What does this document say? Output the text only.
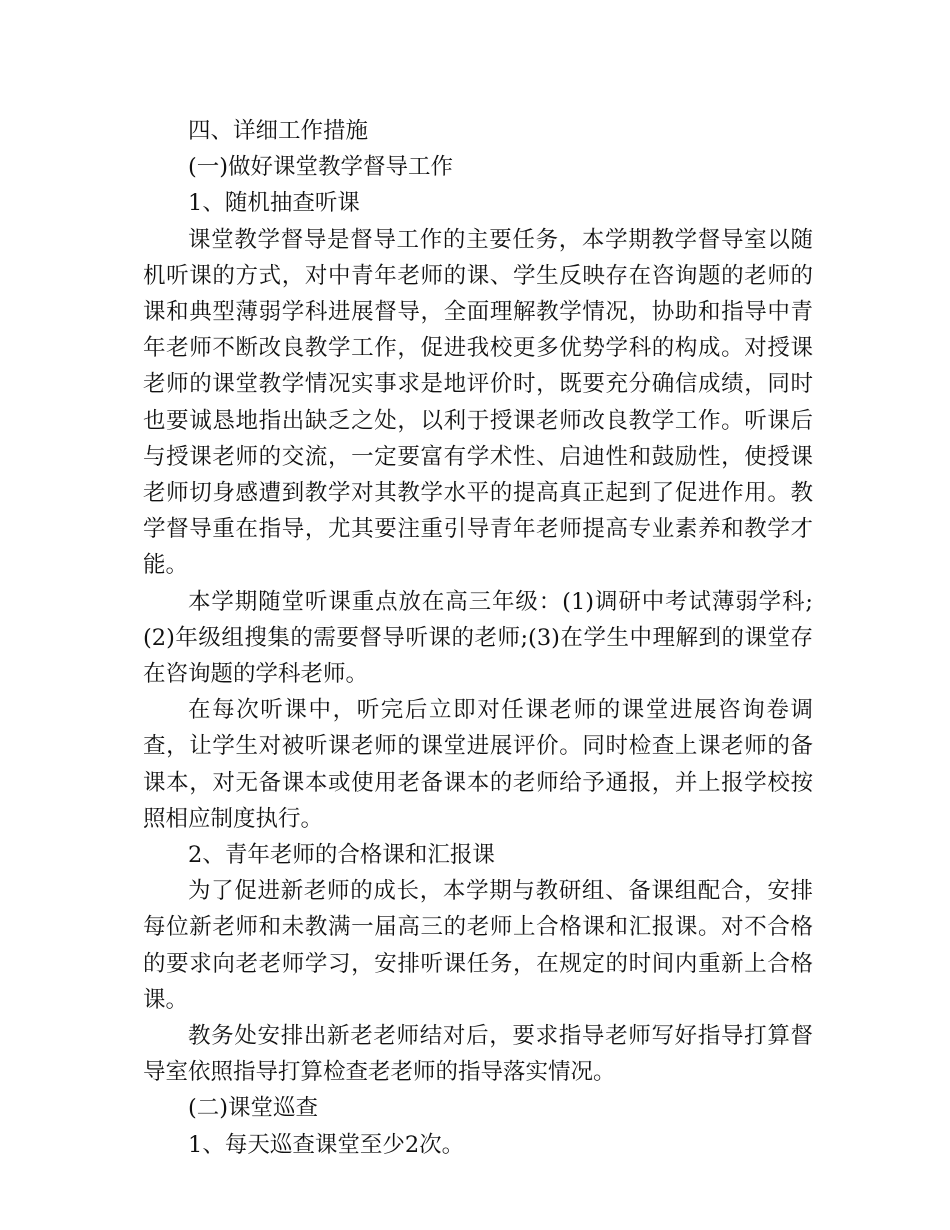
四、详细工作措施

(一)做好课堂教学督导工作

1、随机抽查听课

课堂教学督导是督导工作的主要任务，本学期教学督导室以随机听课的方式，对中青年老师的课、学生反映存在咨询题的老师的课和典型薄弱学科进展督导，全面理解教学情况，协助和指导中青年老师不断改良教学工作，促进我校更多优势学科的构成。对授课老师的课堂教学情况实事求是地评价时，既要充分确信成绩，同时也要诚恳地指出缺乏之处，以利于授课老师改良教学工作。听课后与授课老师的交流，一定要富有学术性、启迪性和鼓励性，使授课老师切身感遭到教学对其教学水平的提高真正起到了促进作用。教学督导重在指导，尤其要注重引导青年老师提高专业素养和教学才能。

本学期随堂听课重点放在高三年级：(1)调研中考试薄弱学科;(2)年级组搜集的需要督导听课的老师;(3)在学生中理解到的课堂存在咨询题的学科老师。

在每次听课中，听完后立即对任课老师的课堂进展咨询卷调查，让学生对被听课老师的课堂进展评价。同时检查上课老师的备课本，对无备课本或使用老备课本的老师给予通报，并上报学校按照相应制度执行。

2、青年老师的合格课和汇报课

为了促进新老师的成长，本学期与教研组、备课组配合，安排每位新老师和未教满一届高三的老师上合格课和汇报课。对不合格的要求向老老师学习，安排听课任务，在规定的时间内重新上合格课。

教务处安排出新老老师结对后，要求指导老师写好指导打算督导室依照指导打算检查老老师的指导落实情况。

(二)课堂巡查

1、每天巡查课堂至少2次。
